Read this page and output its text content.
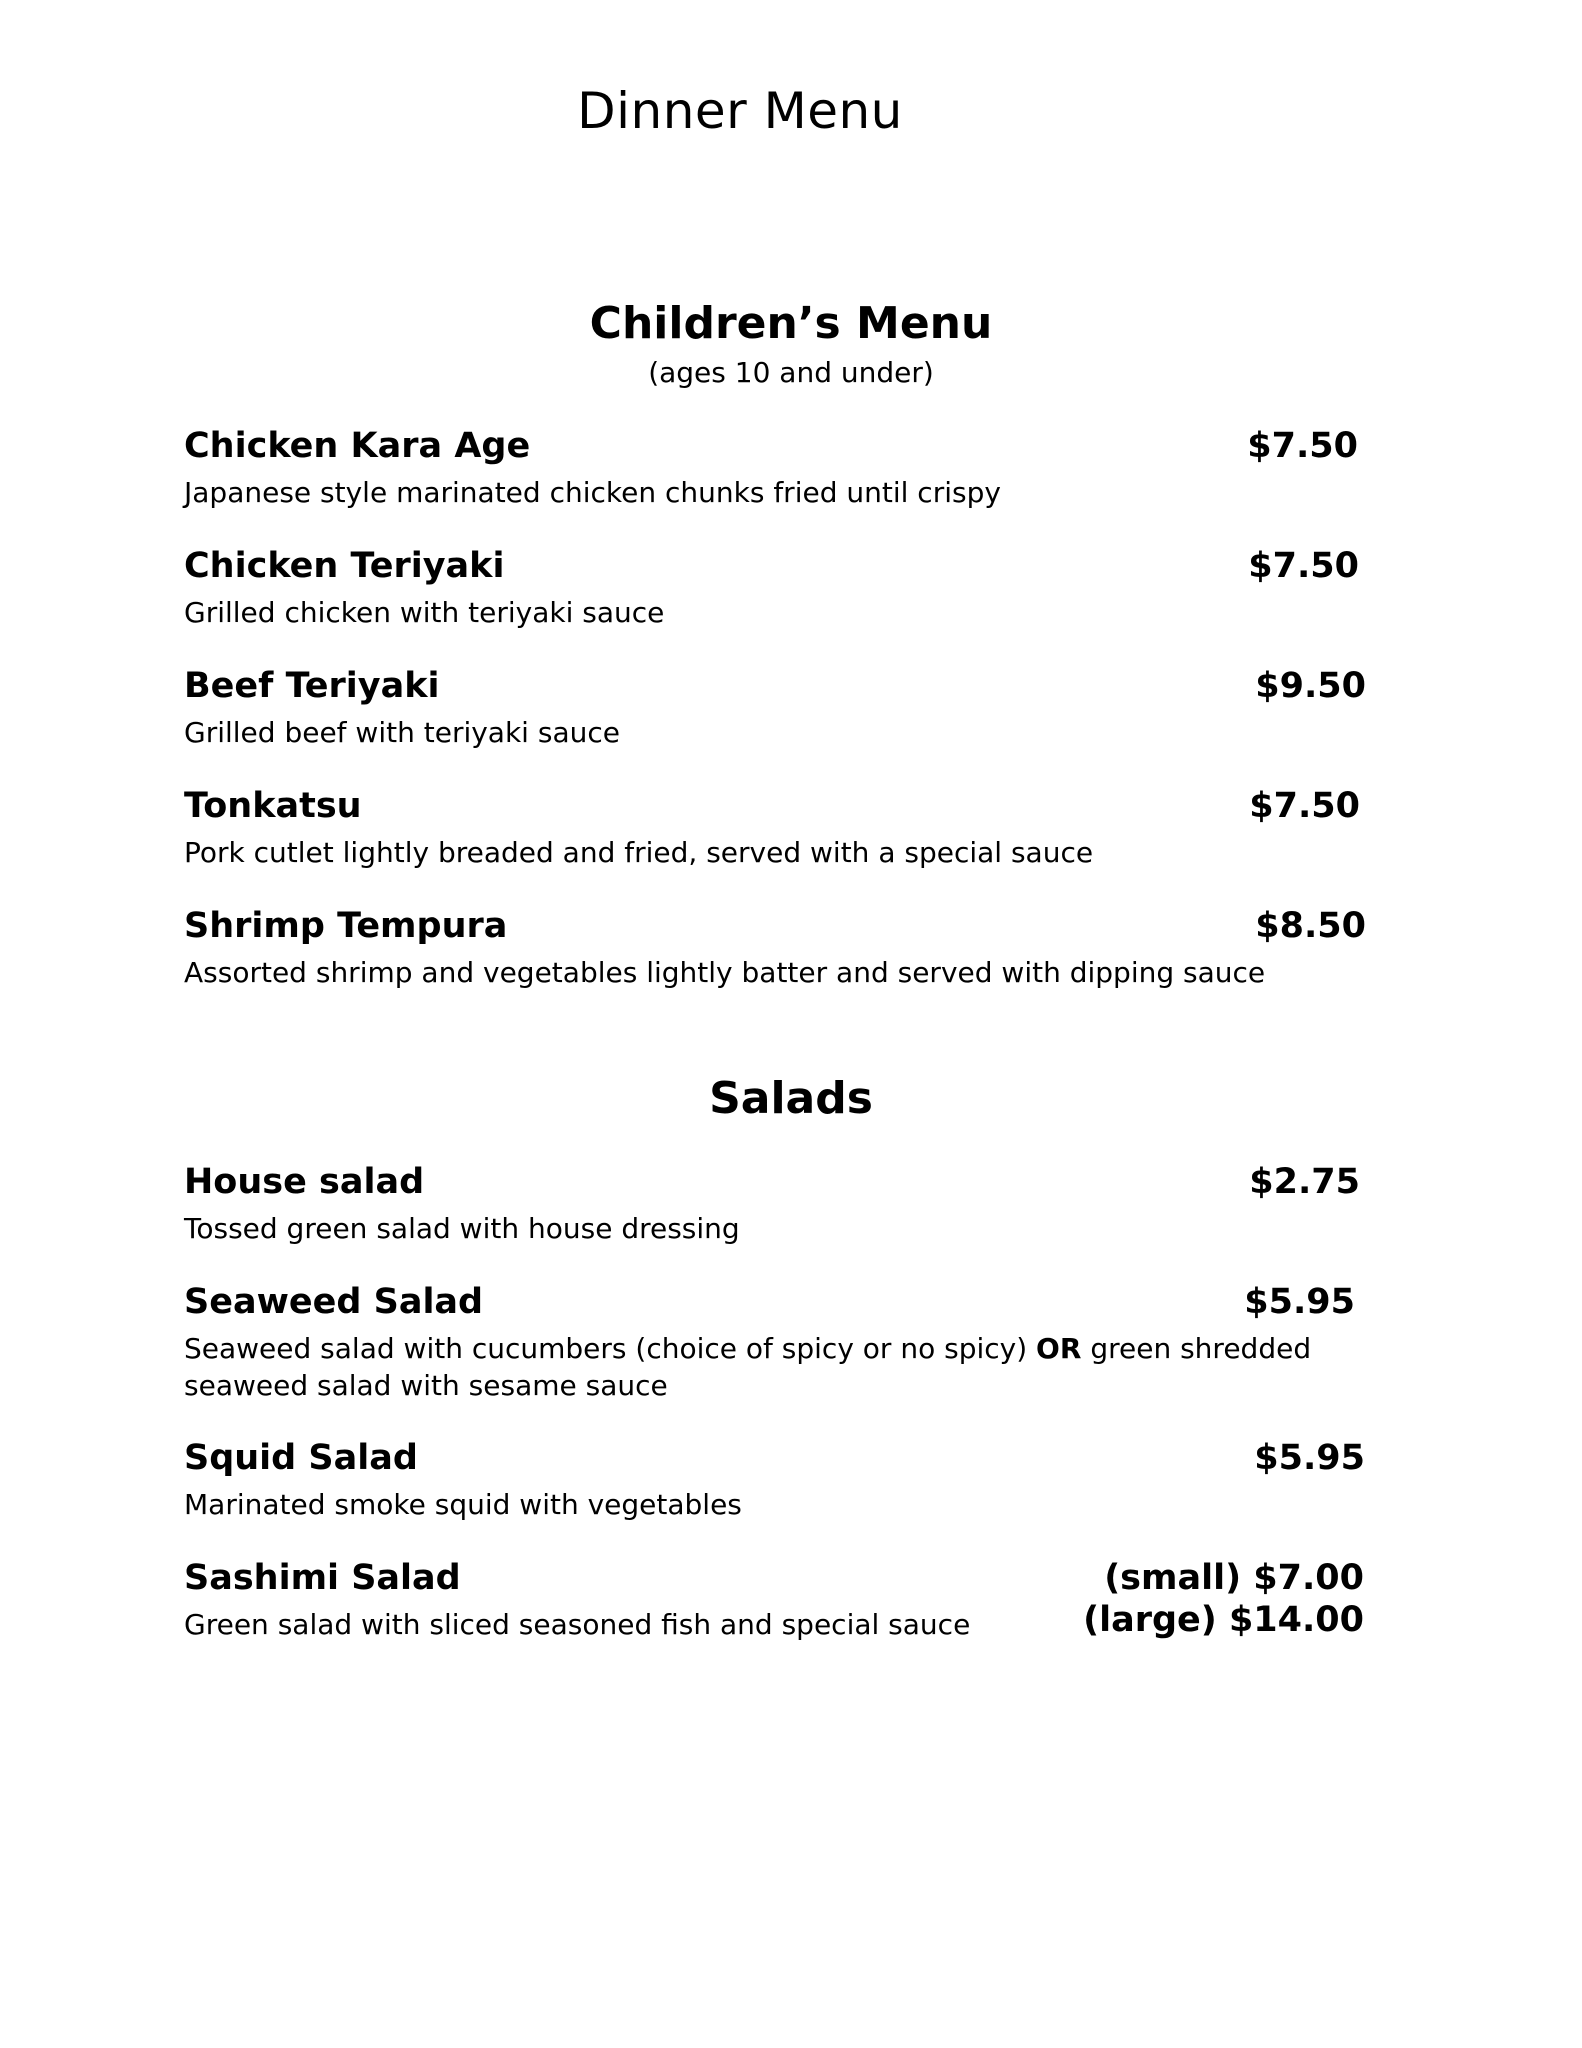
Dinner Menu
Children’s Menu
(ages 10 and under)
Chicken Kara Age	$7.50
Japanese style marinated chicken chunks fried until crispy
Chicken Teriyaki	$7.50
Grilled chicken with teriyaki sauce
Beef Teriyaki	$9.50
Grilled beef with teriyaki sauce
Tonkatsu	$7.50
Pork cutlet lightly breaded and fried, served with a special sauce
Shrimp Tempura	$8.50
Assorted shrimp and vegetables lightly batter and served with dipping sauce
Salads
House salad	$2.75
Tossed green salad with house dressing
Seaweed Salad	$5.95
Seaweed salad with cucumbers (choice of spicy or no spicy) OR green shredded
seaweed salad with sesame sauce
Squid Salad	$5.95
Marinated smoke squid with vegetables
Sashimi Salad	(small) $7.00
Green salad with sliced seasoned fish and special sauce	(large) $14.00
